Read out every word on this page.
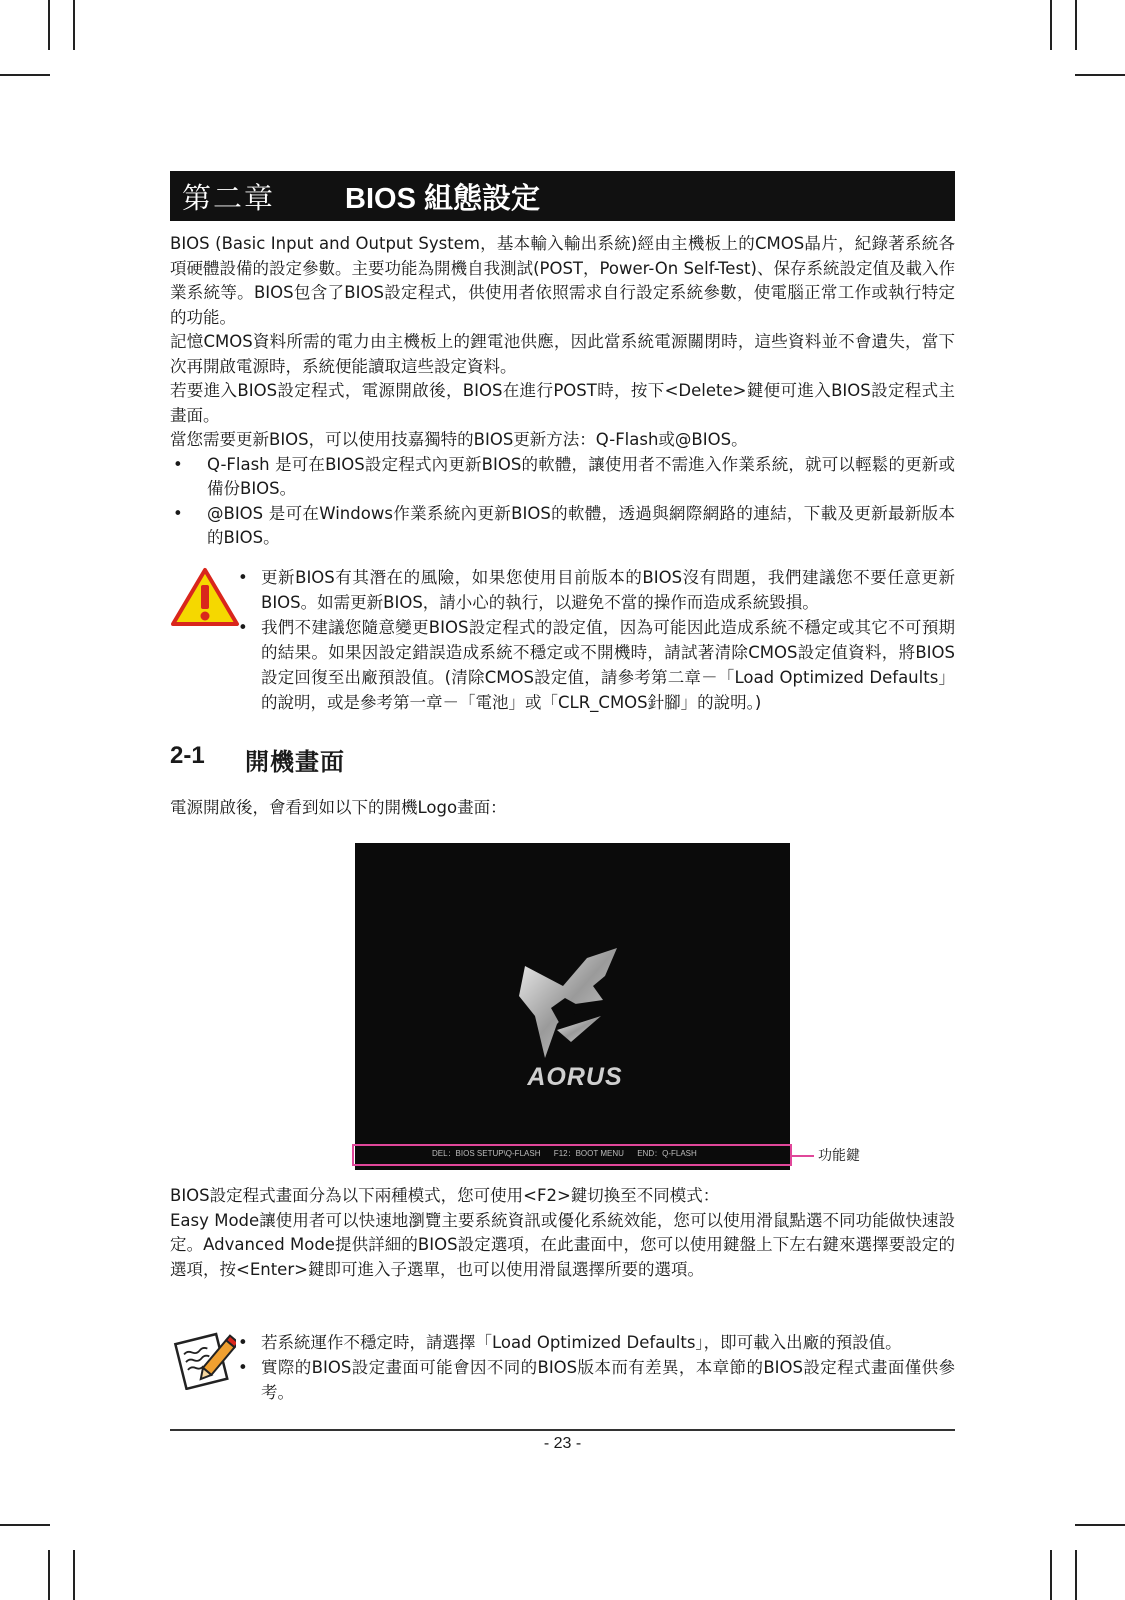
第二章 BIOS 組態設定

BIOS (Basic Input and Output System，基本輸入輸出系統)經由主機板上的CMOS晶片，紀錄著系統各項硬體設備的設定參數。主要功能為開機自我測試(POST，Power-On Self-Test)、保存系統設定值及載入作業系統等。BIOS包含了BIOS設定程式，供使用者依照需求自行設定系統參數，使電腦正常工作或執行特定的功能。

記憶CMOS資料所需的電力由主機板上的鋰電池供應，因此當系統電源關閉時，這些資料並不會遺失，當下次再開啟電源時，系統便能讀取這些設定資料。

若要進入BIOS設定程式，電源開啟後，BIOS在進行POST時，按下<Delete>鍵便可進入BIOS設定程式主畫面。

當您需要更新BIOS，可以使用技嘉獨特的BIOS更新方法：Q-Flash或@BIOS。

• Q-Flash 是可在BIOS設定程式內更新BIOS的軟體，讓使用者不需進入作業系統，就可以輕鬆的更新或備份BIOS。
• @BIOS 是可在Windows作業系統內更新BIOS的軟體，透過與網際網路的連結，下載及更新最新版本的BIOS。
• 更新BIOS有其潛在的風險，如果您使用目前版本的BIOS沒有問題，我們建議您不要任意更新BIOS。如需更新BIOS，請小心的執行，以避免不當的操作而造成系統毀損。
• 我們不建議您隨意變更BIOS設定程式的設定值，因為可能因此造成系統不穩定或其它不可預期的結果。如果因設定錯誤造成系統不穩定或不開機時，請試著清除CMOS設定值資料，將BIOS設定回復至出廠預設值。(清除CMOS設定值，請參考第二章－「Load Optimized Defaults」的說明，或是參考第一章－「電池」或「CLR_CMOS針腳」的說明。)
2-1	開機畫面
電源開啟後，會看到如以下的開機Logo畫面：
AORUS
DEL：BIOS SETUP\Q-FLASH      F12：BOOT MENU      END：Q-FLASH	功能鍵

BIOS設定程式畫面分為以下兩種模式，您可使用<F2>鍵切換至不同模式：

Easy Mode讓使用者可以快速地瀏覽主要系統資訊或優化系統效能，您可以使用滑鼠點選不同功能做快速設定。Advanced Mode提供詳細的BIOS設定選項，在此畫面中，您可以使用鍵盤上下左右鍵來選擇要設定的選項，按<Enter>鍵即可進入子選單，也可以使用滑鼠選擇所要的選項。

• 若系統運作不穩定時，請選擇「Load Optimized Defaults」，即可載入出廠的預設值。
• 實際的BIOS設定畫面可能會因不同的BIOS版本而有差異，本章節的BIOS設定程式畫面僅供參考。
- 23 -
